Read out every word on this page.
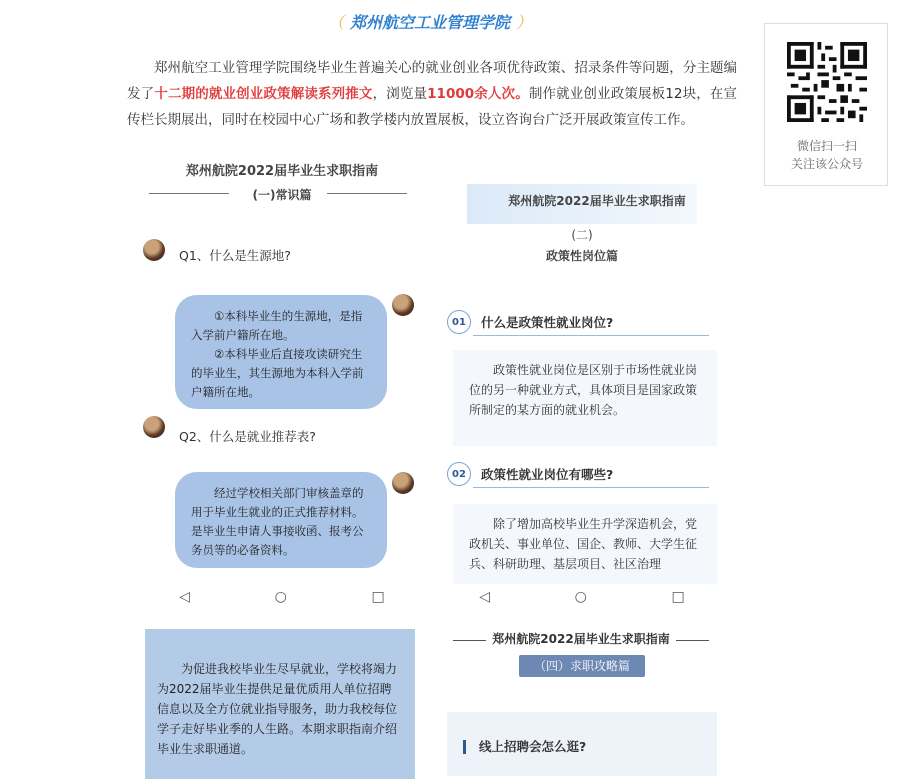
（ 郑州航空工业管理学院 ）
郑州航空工业管理学院围绕毕业生普遍关心的就业创业各项优待政策、招录条件等问题，分主题编发了十二期的就业创业政策解读系列推文，浏览量11000余人次。制作就业创业政策展板12块，在宣传栏长期展出，同时在校园中心广场和教学楼内放置展板，设立咨询台广泛开展政策宣传工作。
微信扫一扫
关注该公众号
郑州航院2022届毕业生求职指南
(一)常识篇
Q1、什么是生源地?
①本科毕业生的生源地，是指入学前户籍所在地。
②本科毕业后直接攻读研究生的毕业生，其生源地为本科入学前户籍所在地。
Q2、什么是就业推荐表?
经过学校相关部门审核盖章的用于毕业生就业的正式推荐材料。是毕业生申请人事接收函、报考公务员等的必备资料。
◁	○	□
郑州航院2022届毕业生求职指南
(二)
政策性岗位篇
01	什么是政策性就业岗位?
政策性就业岗位是区别于市场性就业岗位的另一种就业方式，具体项目是国家政策所制定的某方面的就业机会。
02	政策性就业岗位有哪些?
除了增加高校毕业生升学深造机会，党政机关、事业单位、国企、教师、大学生征兵、科研助理、基层项目、社区治理
◁	○	□
为促进我校毕业生尽早就业，学校将竭力为2022届毕业生提供足量优质用人单位招聘信息以及全方位就业指导服务，助力我校每位学子走好毕业季的人生路。本期求职指南介绍毕业生求职通道。
郑州航院2022届毕业生求职指南
（四）求职攻略篇
线上招聘会怎么逛?
